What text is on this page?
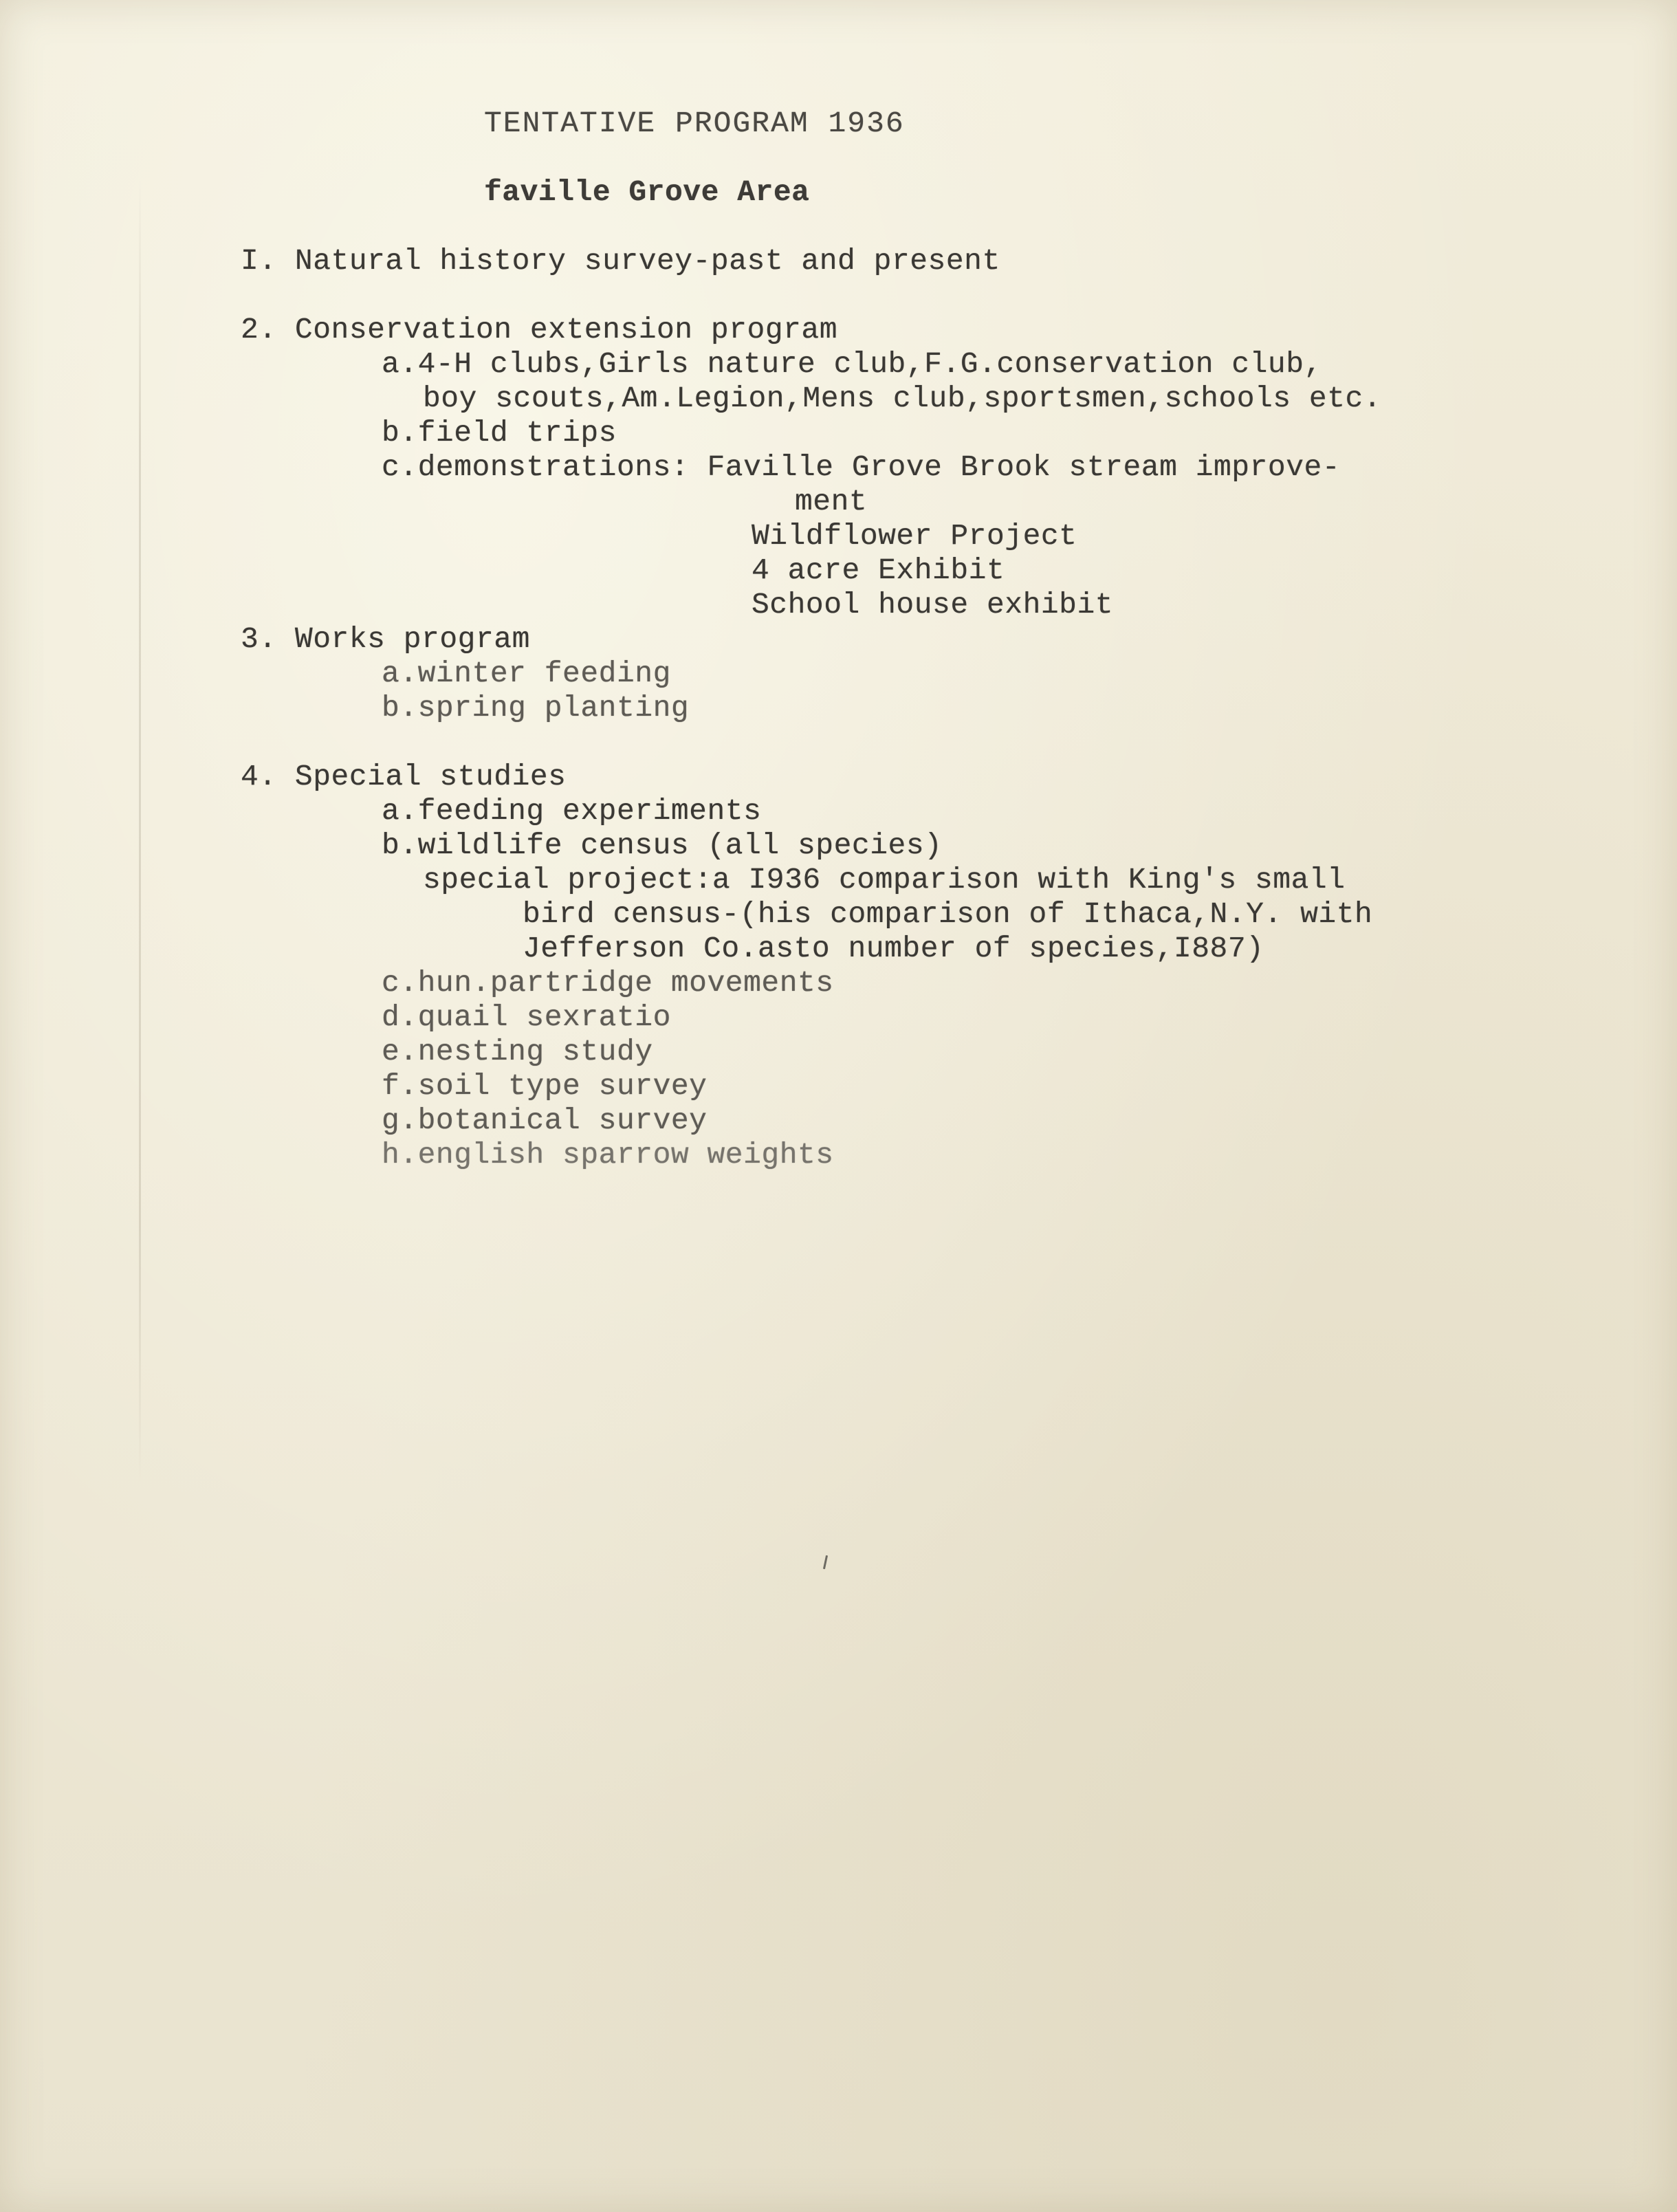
TENTATIVE PROGRAM 1936
faville Grove Area
I. Natural history survey-past and present
2. Conservation extension program
a.4-H clubs,Girls nature club,F.G.conservation club,
boy scouts,Am.Legion,Mens club,sportsmen,schools etc.
b.field trips
c.demonstrations: Faville Grove Brook stream improve-
ment
Wildflower Project
4 acre Exhibit
School house exhibit
3. Works program
a.winter feeding
b.spring planting
4. Special studies
a.feeding experiments
b.wildlife census (all species)
special project:a I936 comparison with King's small
bird census-(his comparison of Ithaca,N.Y. with
Jefferson Co.asto number of species,I887)
c.hun.partridge movements
d.quail sexratio
e.nesting study
f.soil type survey
g.botanical survey
h.english sparrow weights
